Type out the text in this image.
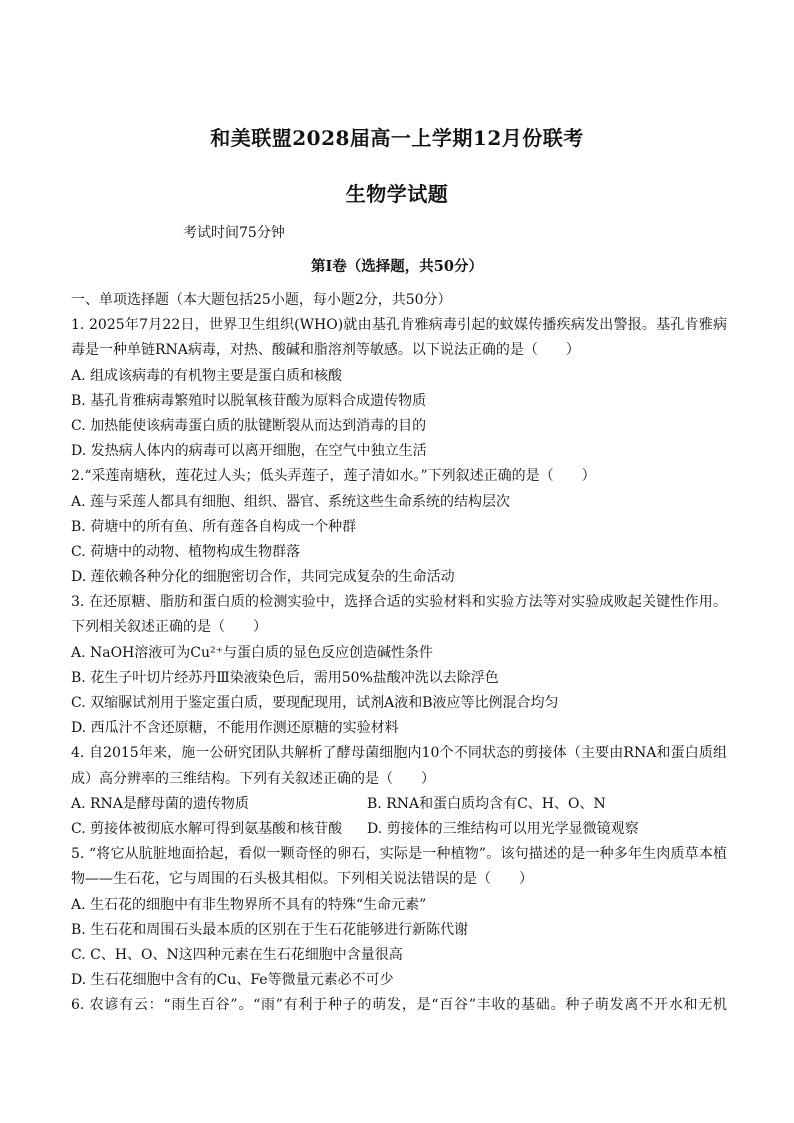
和美联盟2028届高一上学期12月份联考
生物学试题
考试时间75分钟
第Ⅰ卷（选择题，共50分）
一、单项选择题（本大题包括25小题，每小题2分，共50分）
1. 2025年7月22日，世界卫生组织(WHO)就由基孔肯雅病毒引起的蚊媒传播疾病发出警报。基孔肯雅病
毒是一种单链RNA病毒，对热、酸碱和脂溶剂等敏感。以下说法正确的是（　　）
A. 组成该病毒的有机物主要是蛋白质和核酸
B. 基孔肯雅病毒繁殖时以脱氧核苷酸为原料合成遗传物质
C. 加热能使该病毒蛋白质的肽键断裂从而达到消毒的目的
D. 发热病人体内的病毒可以离开细胞，在空气中独立生活
2.“采莲南塘秋，莲花过人头；低头弄莲子，莲子清如水。”下列叙述正确的是（　　）
A. 莲与采莲人都具有细胞、组织、器官、系统这些生命系统的结构层次
B. 荷塘中的所有鱼、所有莲各自构成一个种群
C. 荷塘中的动物、植物构成生物群落
D. 莲依赖各种分化的细胞密切合作，共同完成复杂的生命活动
3. 在还原糖、脂肪和蛋白质的检测实验中，选择合适的实验材料和实验方法等对实验成败起关键性作用。
下列相关叙述正确的是（　　）
A. NaOH溶液可为Cu²⁺与蛋白质的显色反应创造碱性条件
B. 花生子叶切片经苏丹Ⅲ染液染色后，需用50%盐酸冲洗以去除浮色
C. 双缩脲试剂用于鉴定蛋白质，要现配现用，试剂A液和B液应等比例混合均匀
D. 西瓜汁不含还原糖，不能用作测还原糖的实验材料
4. 自2015年来，施一公研究团队共解析了酵母菌细胞内10个不同状态的剪接体（主要由RNA和蛋白质组
成）高分辨率的三维结构。下列有关叙述正确的是（　　）
A. RNA是酵母菌的遗传物质	B. RNA和蛋白质均含有C、H、O、N
C. 剪接体被彻底水解可得到氨基酸和核苷酸	D. 剪接体的三维结构可以用光学显微镜观察
5. “将它从肮脏地面拾起，看似一颗奇怪的卵石，实际是一种植物”。该句描述的是一种多年生肉质草本植
物——生石花，它与周围的石头极其相似。下列相关说法错误的是（　　）
A. 生石花的细胞中有非生物界所不具有的特殊“生命元素”
B. 生石花和周围石头最本质的区别在于生石花能够进行新陈代谢
C. C、H、O、N这四种元素在生石花细胞中含量很高
D. 生石花细胞中含有的Cu、Fe等微量元素必不可少
6. 农谚有云：“雨生百谷”。“雨”有利于种子的萌发，是“百谷”丰收的基础。种子萌发离不开水和无机
